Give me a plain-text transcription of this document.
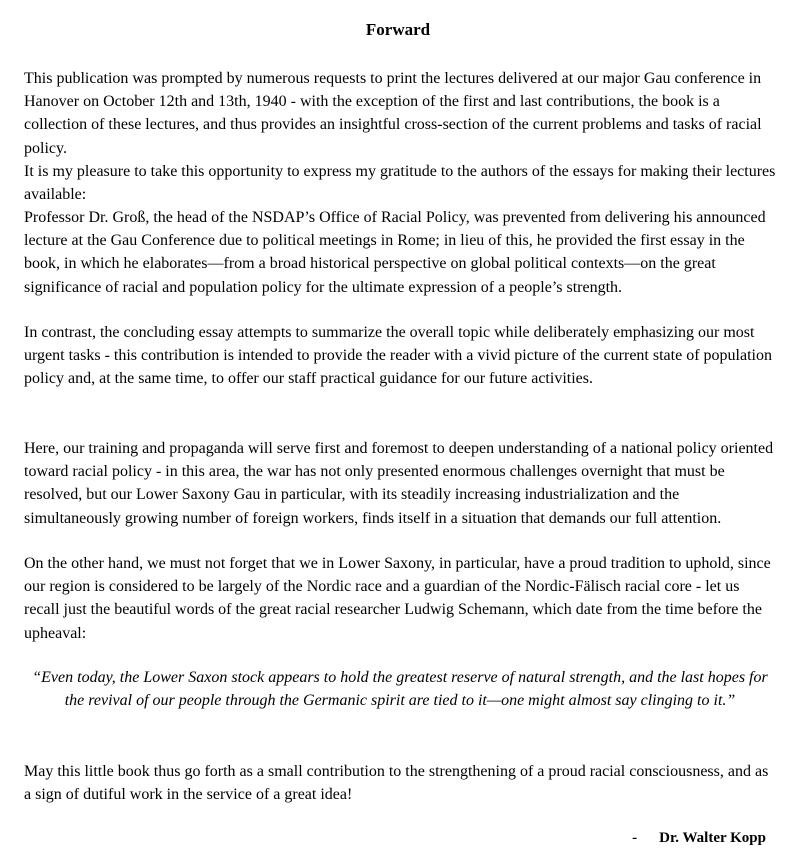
Forward

This publication was prompted by numerous requests to print the lectures delivered at our major Gau conference in Hanover on October 12th and 13th, 1940 - with the exception of the first and last contributions, the book is a collection of these lectures, and thus provides an insightful cross-section of the current problems and tasks of racial policy.

It is my pleasure to take this opportunity to express my gratitude to the authors of the essays for making their lectures available:

Professor Dr. Groß, the head of the NSDAP’s Office of Racial Policy, was prevented from delivering his announced lecture at the Gau Conference due to political meetings in Rome; in lieu of this, he provided the first essay in the book, in which he elaborates—from a broad historical perspective on global political contexts—on the great significance of racial and population policy for the ultimate expression of a people’s strength.

In contrast, the concluding essay attempts to summarize the overall topic while deliberately emphasizing our most urgent tasks - this contribution is intended to provide the reader with a vivid picture of the current state of population policy and, at the same time, to offer our staff practical guidance for our future activities.

Here, our training and propaganda will serve first and foremost to deepen understanding of a national policy oriented toward racial policy - in this area, the war has not only presented enormous challenges overnight that must be resolved, but our Lower Saxony Gau in particular, with its steadily increasing industrialization and the simultaneously growing number of foreign workers, finds itself in a situation that demands our full attention.

On the other hand, we must not forget that we in Lower Saxony, in particular, have a proud tradition to uphold, since our region is considered to be largely of the Nordic race and a guardian of the Nordic-Fälisch racial core - let us recall just the beautiful words of the great racial researcher Ludwig Schemann, which date from the time before the upheaval:

“Even today, the Lower Saxon stock appears to hold the greatest reserve of natural strength, and the last hopes for the revival of our people through the Germanic spirit are tied to it—one might almost say clinging to it.”

May this little book thus go forth as a small contribution to the strengthening of a proud racial consciousness, and as a sign of dutiful work in the service of a great idea!

- Dr. Walter Kopp
